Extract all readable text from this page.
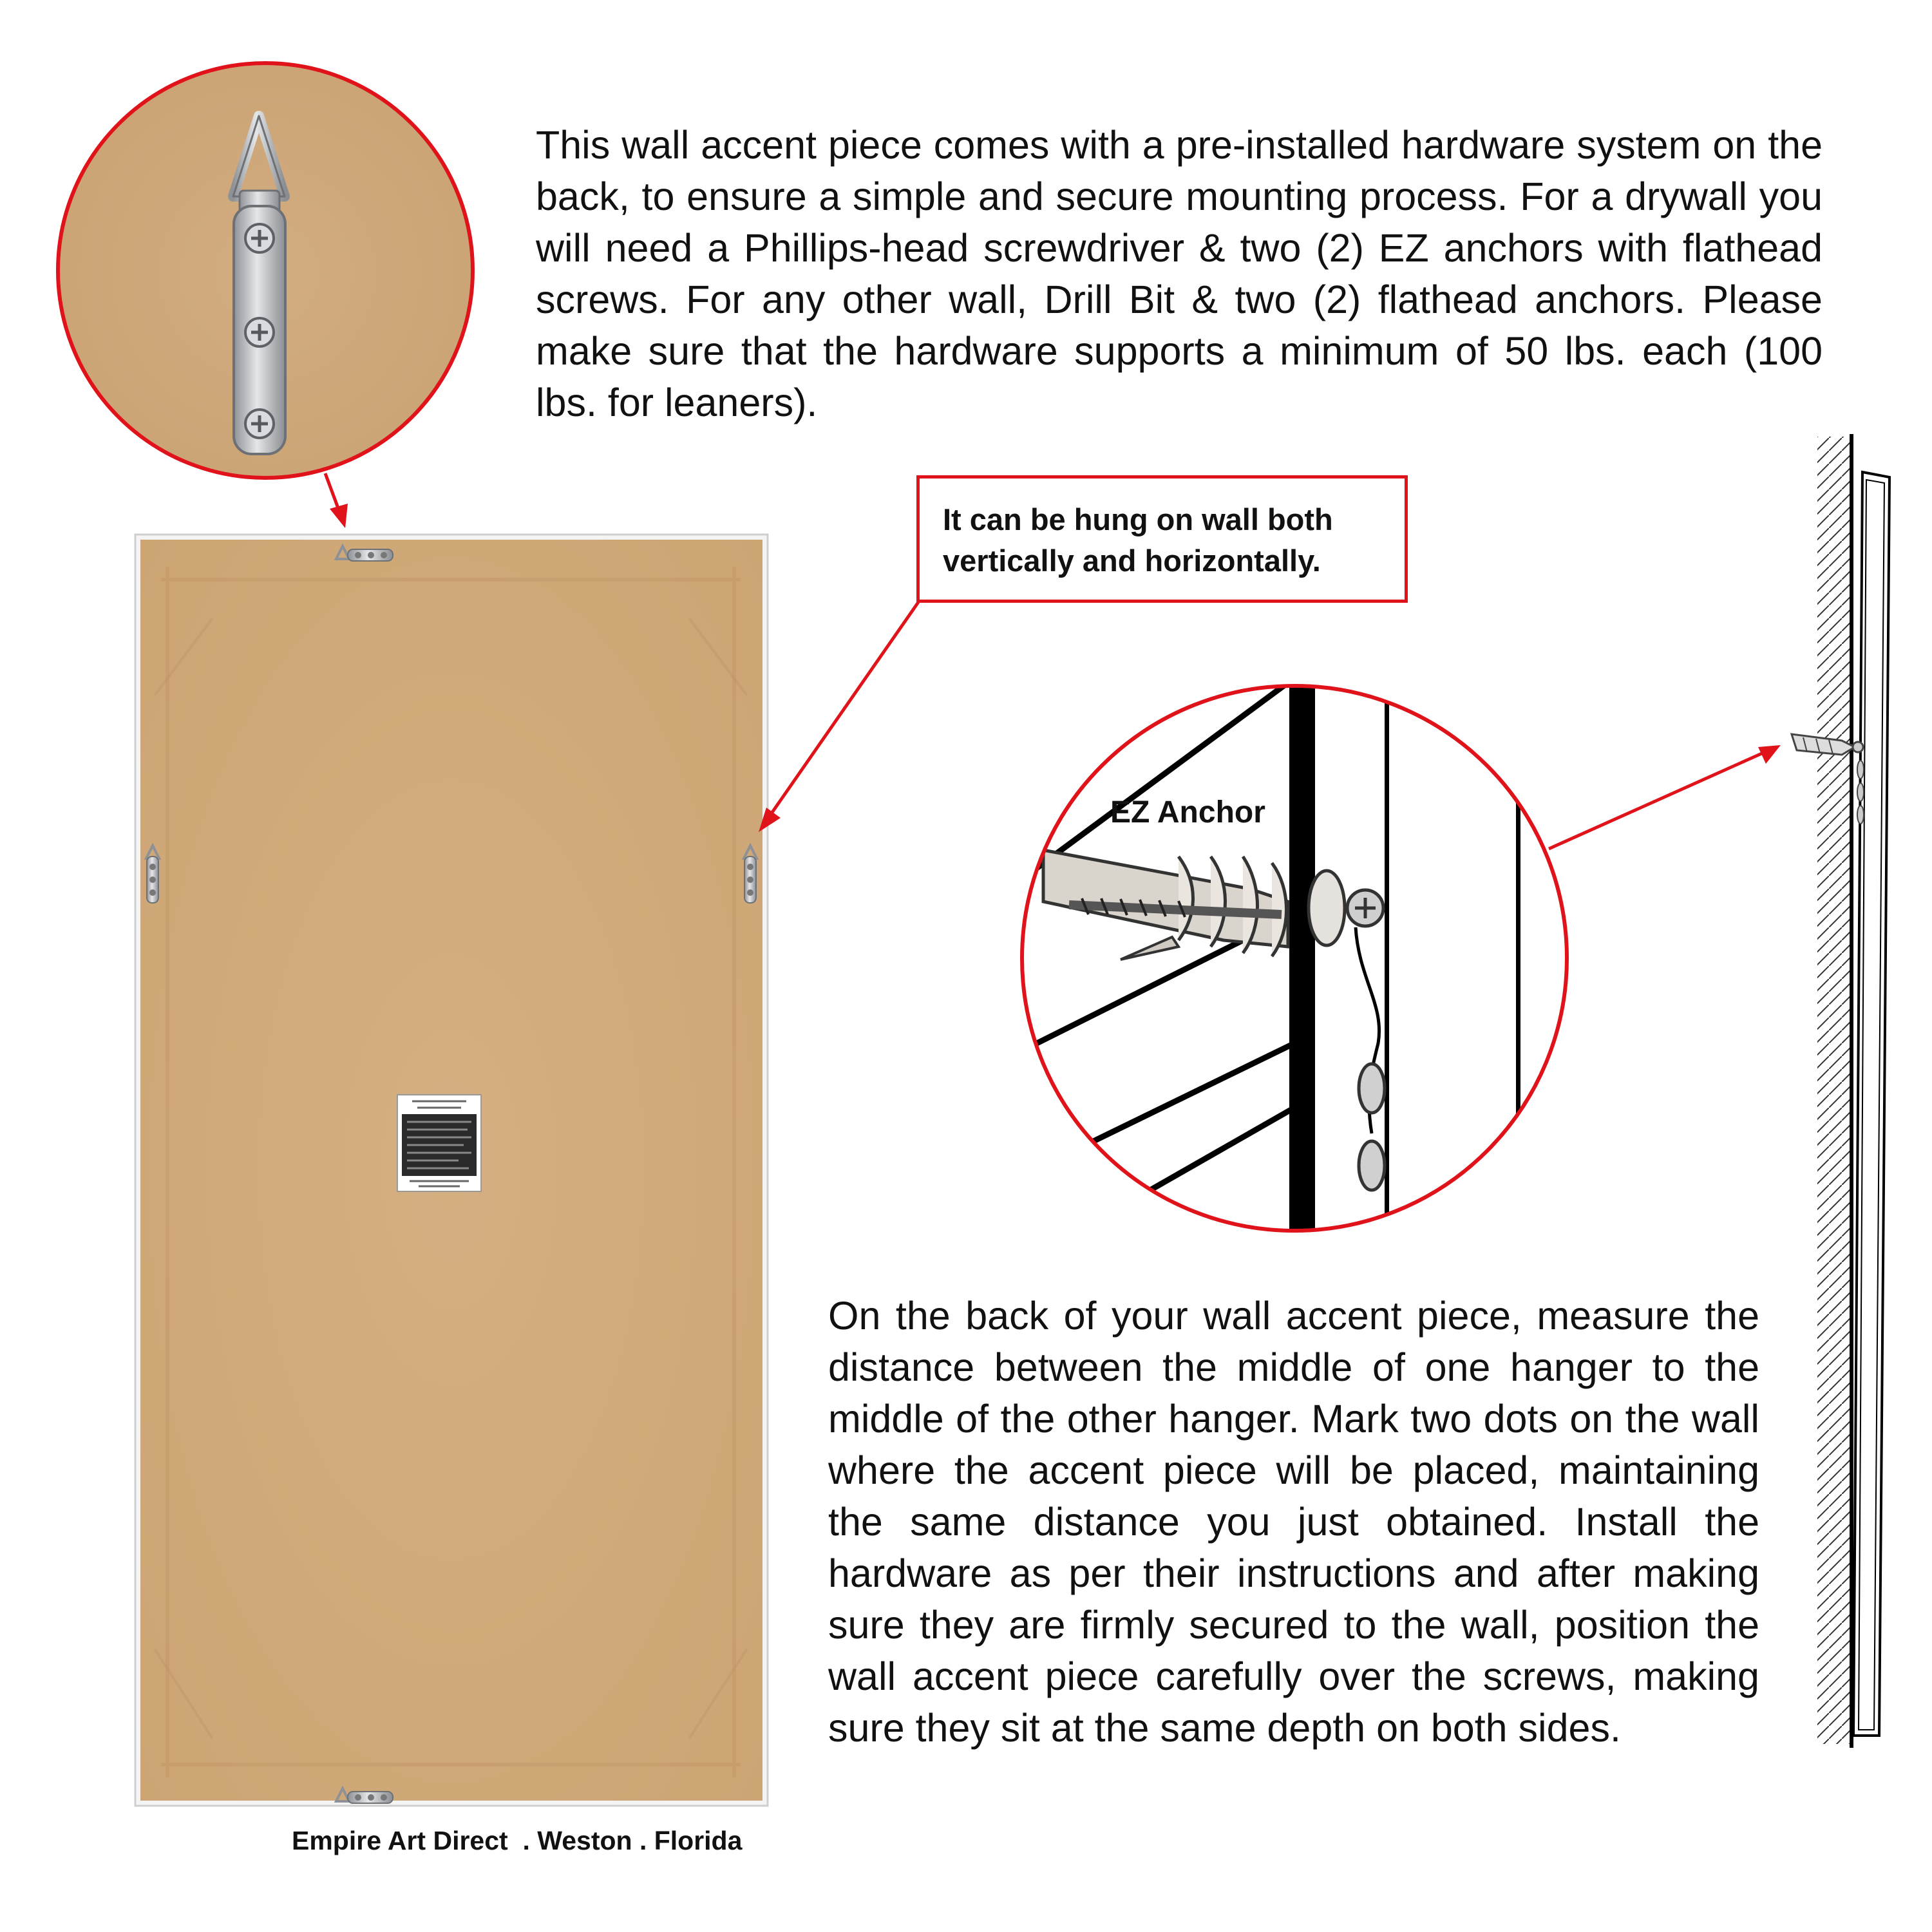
This wall accent piece comes with a pre-installed hardware system on the back, to ensure a simple and secure mounting process. For a drywall you will need a Phillips-head screwdriver & two (2) EZ anchors with flathead screws. For any other wall, Drill Bit & two (2) flathead anchors. Please make sure that the hardware supports a minimum of 50 lbs. each (100 lbs. for leaners).
It can be hung on wall both vertically and horizontally.
EZ Anchor
On the back of your wall accent piece, measure the distance between the middle of one hanger to the middle of the other hanger. Mark two dots on the wall where the accent piece will be placed, maintaining the same distance you just obtained. Install the hardware as per their instructions and after making sure they are firmly secured to the wall, position the wall accent piece carefully over the screws, making sure they sit at the same depth on both sides.
Empire Art Direct  . Weston . Florida
